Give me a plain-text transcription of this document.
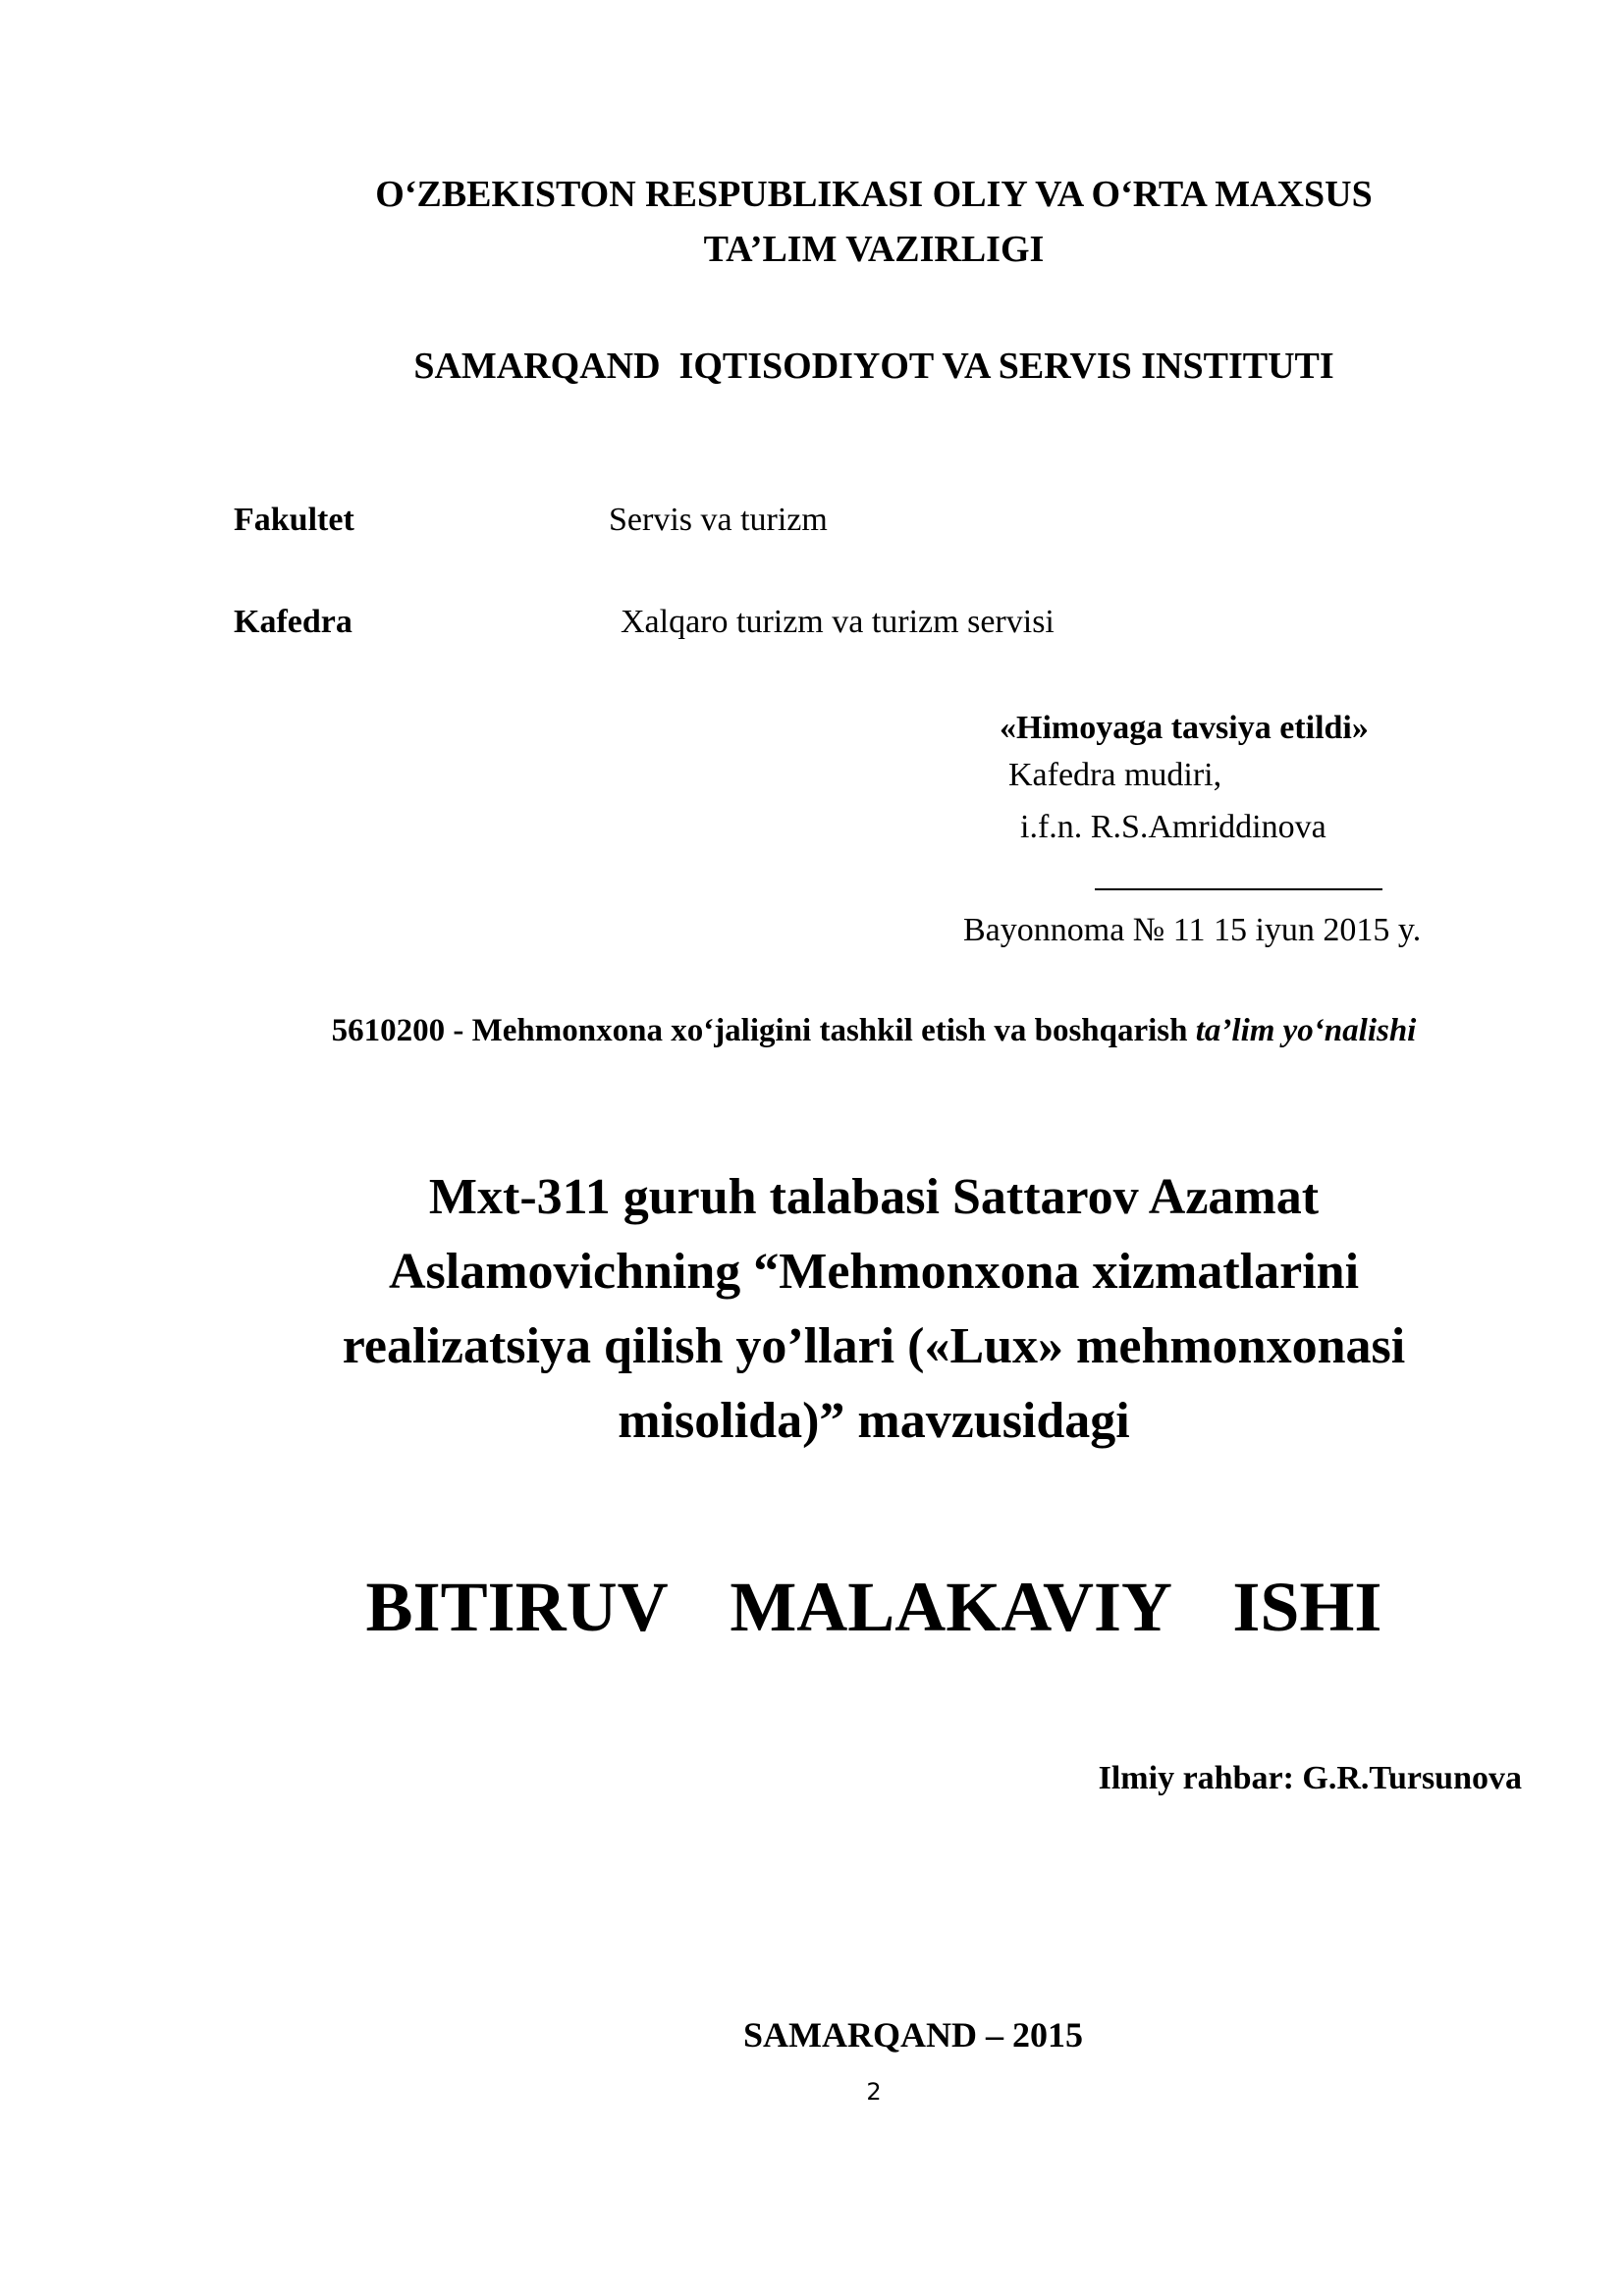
O‘ZBEKISTON RESPUBLIKASI OLIY VA O‘RTA MAXSUS
TA’LIM VAZIRLIGI
SAMARQAND  IQTISODIYOT VA SERVIS INSTITUTI
Fakultet	Servis va turizm
Kafedra	Xalqaro turizm va turizm servisi
«Himoyaga tavsiya etildi»
Kafedra mudiri,
i.f.n. R.S.Amriddinova
Bayonnoma № 11 15 iyun 2015 y.
5610200 - Mehmonxona xo‘jaligini tashkil etish va boshqarish ta’lim yo‘nalishi
Mxt-311 guruh talabasi Sattarov Azamat
Aslamovichning “Mehmonxona xizmatlarini
realizatsiya qilish yo’llari («Lux» mehmonxonasi
misolida)” mavzusidagi
BITIRUV  MALAKAVIY  ISHI
Ilmiy rahbar: G.R.Tursunova
SAMARQAND – 2015
2
